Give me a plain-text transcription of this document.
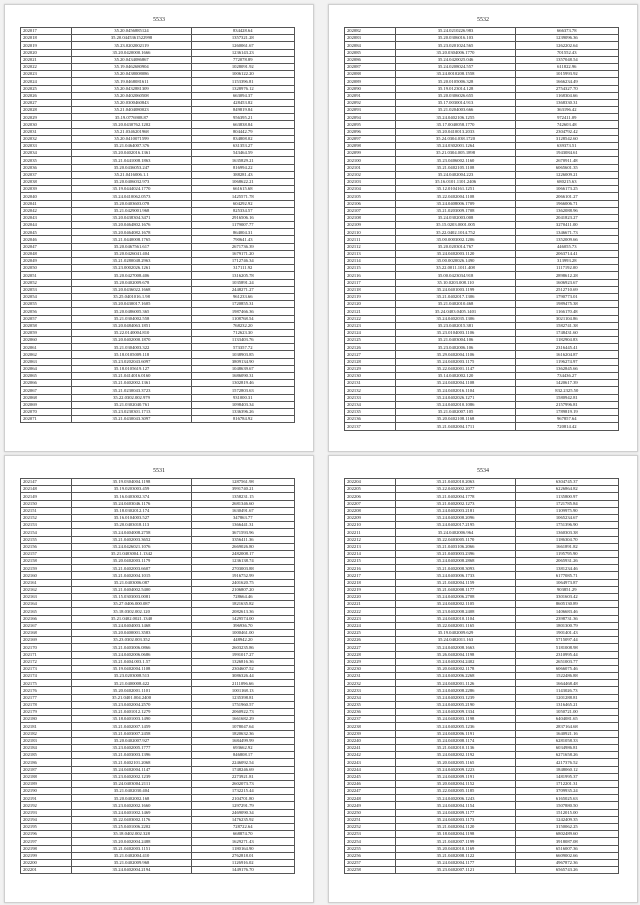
5533
202017	35.20.0456885124	834428.64
202018	35.20.0445361522998	1357321.28
202019	35.23.0202002119	1260061.67
202020	35.20.0420000.1666	1236143.23
202021	35.20.0434086867	772078.89
202022	35.19.0462680904	1028091.92
202023	35.20.0438008086	1006122.20
202024	35.19.0468081611	1153396.81
202025	35.20.0432881309	1328976.12
202026	35.20.0402060508	663094.37
202027	35.20.0300460843	428453.82
202028	35.21.0404080023	849819.84
202029	35.19.0776908.87	956395.21
202030	35.20.0430762.1202	663838.84
202031	35.21.0346201968	804442.79
202032	35.20.0410071599	834808.02
202033	35.21.0464007.376	631353.27
202034	35.20.0402016.1361	543464.59
202035	35.21.0441008.1863	1635829.21
202036	35.20.0436053.247	816994.22
202037	35.21.0416006.1.1	388281.43
202038	35.20.0406032.973	1068622.21
202039	35.19.0444024.1770	661615.68
202040	35.24.0410062.0573	1425571.78
202041	35.20.0403603.078	604292.92
202042	35.21.0429001.968	825334.57
202043	35.20.0438304.3471	2916506.16
202044	35.20.0464802.1676	1179007.77
202045	35.20.0464082.1678	864004.31
202046	35.21.0440008.1765	790641.43
202047	35.20.0467561.617	2671736.39
202048	35.20.0426041.404	1679171.20
202049	35.21.0280048.2963	1712746.34
202050	35.23.0002026.1261	317111.92
202051	35.20.0427008.406	1316205.78
202052	35.20.0402009.678	1035891.24
202053	35.20.0436022.1668	2448271.27
202054	35.25.0401016.1.98	961233.66
202055	35.20.0430017.1605	1720855.31
202056	35.20.0486005.365	1987466.36
202057	35.21.0304002.558	1108768.54
202058	35.20.0484063.1851	768232.20
202059	35.22.0140004.810	712623.30
202060	35.20.0402000.1870	1133403.76
202061	35.21.0304003.322	573357.72
202062	35.18.0105009.118	1038903.85
202063	35.23.0202043.6097	3809134.90
202064	35.18.0105619.127	1048639.67
202065	35.21.0414016.0160	1686090.31
202066	35.21.0402002.1361	1302819.46
202067	35.21.0230043.3723	1572803.63
202068	35.22.0302.002.979	931000.31
202069	35.21.0302040.761	1098403.34
202070	35.23.0230301.1713	1336396.26
202071	35.21.0430043.3097	816784.92
5532
202082	35.24.0210226.983	666373.78
202083	35.20.0306016.103	1239096.36
202084	35.23.0201024.565	1262202.64
202085	35.20.0304006.1770	701552.43
202086	35.24.0420025.046	1357048.54
202087	35.24.0208024.557	611822.96
202088	35.24.0010208.1558	1015993.92
202089	35.20.0105006.328	1666234.49
202090	35.19.0123014.128	2754327.70
202091	35.20.0306026.655	1168304.66
202092	35.17.0030014.913	1368330.31
202093	35.21.0204003.666	363196.42
202094	35.24.0402106.1255	972411.09
202095	35.17.0040058.1770	742603.48
202096	35.20.0410013.2033	2304792.42
202097	35.24.0304.038.1720	3128542.60
202098	35.24.0302001.1264	639373.51
202099	35.21.0304.005.1898	1943084.61
202100	35.23.0406002.1160	2670911.48
202101	35.21.0402105.1108	6065601.35
202102	35.24.0402004.223	1226009.21
202103	35.16.0101.1101.2406	680215.63
202104	35.12.0104161.1251	1066173.25
202105	35.22.0402004.1108	2066101.27
202106	35.24.0408006.1709	1966006.71
202107	35.21.0203009.1708	1362088.96
202108	35.24.0302003.008	2041823.27
202109	35.15.0203.0001.005	3270411.00
202110	35.22.0402.1014.752	1346671.73
202111	35.00.0003002.1206	1352009.66
202112	35.20.0203014.767	446055.73
202113	35.24.0402003.1120	2063714.41
202114	35.00.0020026.1490	313993.28
202115	35.22.0011.1011.408	1117192.00
202116	35.00.0423034.918	2898612.28
202117	35.10.0203.008.110	1606923.67
202118	35.24.0401003.1199	2512710.69
202119	35.21.0402017.1306	1790773.01
202120	35.21.0402010.468	1989475.38
202121	35.24.0403.0405.1401	1166170.48
202122	35.24.0402035.1306	3021104.86
202123	35.23.0402015.381	1582741.38
202124	35.23.0104003.1106	1748431.60
202125	35.21.0403004.106	1182904.83
202126	35.23.0402006.106	2316445.41
202127	35.29.0402004.1106	1616204.87
202128	35.24.0402003.1175	1196274.97
202129	35.22.0402001.1147	1362845.66
202130	35.14.0402002.120	734436.27
202131	35.24.0402004.1108	1420617.39
202132	35.24.0402016.1104	832.2325.50
202133	35.24.0402026.1271	1580942.81
202134	35.24.0402010.1086	2157996.81
202135	35.21.0402007.105	1789819.19
202136	35.20.0402108.1168	967857.64
202137	35.21.0402004.1711	720814.42
5531
202147	35.19.0304004.1198	1287561.98
202148	35.19.0203003.459	3991740.21
202149	35.16.0403002.374	1358231.15
202150	35.24.0403046.1176	2681346.60
202151	35.18.0302012.174	1630491.67
202152	35.16.0104003.527	347863.77
202153	35.20.0403018.113	1366441.31
202154	35.24.0404008.2758	3671593.96
202155	35.21.0402003.3652	3356411.36
202156	35.24.0426021.1076	2669026.80
202157	35.21.0403004.1.1342	2482008.17
202158	35.20.0402003.1179	1236138.74
202159	35.21.0402003.6607	2703003.88
202160	35.21.0402004.1015	1916752.99
202161	35.21.0403006.087	2401620.75
202162	35.21.0404002.5400	2106807.20
202163	35.15.0303003.0081	728664.46
202164	35.27.0406.000.087	1821635.82
202165	35.18.0302.002.120	2082613.36
202166	35.21.0402.0021.1340	1429574.00
202167	35.24.0404003.1468	396936.70
202168	35.20.0400001.3583	1000461.00
202169	35.23.0302.003.352	448942.20
202170	35.21.0403006.0866	2603235.86
202171	35.24.0402006.0686	1991017.27
202172	35.21.0404.003.1.57	1326816.36
202173	35.19.0402004.1108	2304607.52
202174	35.23.0203008.513	3086326.44
202175	35.21.0400008.422	2111096.66
202176	35.20.0402001.1101	1001168.13
202177	35.21.0401.004.2400	1235398.81
202178	35.23.0402004.2570	1751960.57
202179	35.21.0401012.1279	2060922.73
202180	35.18.0401003.1490	1661682.29
202181	35.21.0402007.1459	1078047.64
202182	35.21.0403007.2458	1820632.36
202183	35.20.0402007.927	1684499.99
202184	35.23.0402005.1777	693662.92
202185	35.21.0403003.1396	846808.17
202186	35.21.0402101.2068	2246092.54
202187	35.24.0402004.1147	1748246.69
202188	35.23.0402002.1239	2273921.81
202189	35.24.0403004.2111	2602073.73
202190	35.21.0402030.404	1732215.44
202191	35.20.0402002.168	2104701.80
202192	35.23.0402002.1660	1297291.79
202193	35.24.0401002.1469	2469090.34
202194	35.22.0403002.1176	1476235.92
202195	35.25.0401006.2202	728722.64
202196	35.18.0402.002.328	668874.70
202197	35.20.0402004.2488	1629271.43
202198	35.21.0402003.1151	1180164.90
202199	35.21.0402004.410	2762818.01
202200	35.21.0402009.968	1126916.02
202201	35.24.0402004.2194	1449176.70
5534
202204	35.21.0402010.2063	6304745.37
202205	35.22.0402002.2077	6226864.82
202206	35.21.0402004.1778	1135800.97
202207	35.21.0402002.1273	1721785.84
202208	35.24.0402003.2181	1109975.90
202209	35.24.0402008.2096	1065234.67
202210	35.24.0402017.2195	1751396.90
202211	35.24.0402006.964	1360303.38
202212	35.22.0403005.1170	1186304.70
202213	35.21.0403106.2066	1661891.82
202214	35.21.0403003.2396	1195795.90
202215	35.24.0402008.2868	2065931.26
202216	35.21.0402008.3093	1381234.46
202217	35.24.0403006.1733	6177085.71
202218	35.21.0402004.1159	1064973.87
202219	35.21.0402008.1177	903851.29
202220	35.24.0402006.2708	3301603.42
202221	35.24.0402002.1105	8605130.89
202222	35.23.0402008.2408	1406683.46
202223	35.24.0402010.1104	2398731.36
202224	35.22.0402001.1165	1801300.79
202225	35.19.0402009.629	1901401.43
202226	35.24.0402011.163	5715097.44
202227	35.24.0402008.1663	5181008.98
202228	35.26.0402004.1198	2310995.44
202229	35.24.0402004.2402	2651003.77
202230	35.20.0402002.1178	6066075.46
202231	35.24.0402006.2268	1522486.88
202232	35.24.0402001.1126	1664468.48
202233	35.24.0402008.2286	1143026.73
202234	35.24.0402003.1239	1201288.81
202235	35.24.0402005.2190	1316465.21
202236	35.24.0402009.1334	1050721.00
202237	35.24.0402003.1198	6404081.65
202238	35.24.0402005.1236	2837164.68
202239	35.24.0402006.1191	1640921.16
202240	35.24.0402008.1174	6281058.33
202241	35.21.0402010.1136	6034986.81
202242	35.24.0402002.1192	6271658.26
202243	35.20.0402005.1165	4217376.52
202244	35.24.0402009.1223	1848060.12
202245	35.24.0402009.1191	1481995.37
202246	35.20.0402004.1152	1712201.31
202247	35.22.0402005.1185	3709935.24
202248	35.24.0402006.1243	6165025.63
202249	35.24.0402004.1154	1507880.50
202250	35.24.0402009.1177	1512015.00
202251	35.24.0402003.1173	1242409.35
202252	35.21.0402004.1120	3150062.25
202253	35.18.0402004.1198	6802489.60
202254	35.21.0402007.1199	3918087.08
202255	35.20.0402010.1169	6516007.36
202256	35.21.0402008.1122	6609002.66
202257	35.24.0402004.1177	4967872.36
202258	35.23.0402007.1121	6565743.26
